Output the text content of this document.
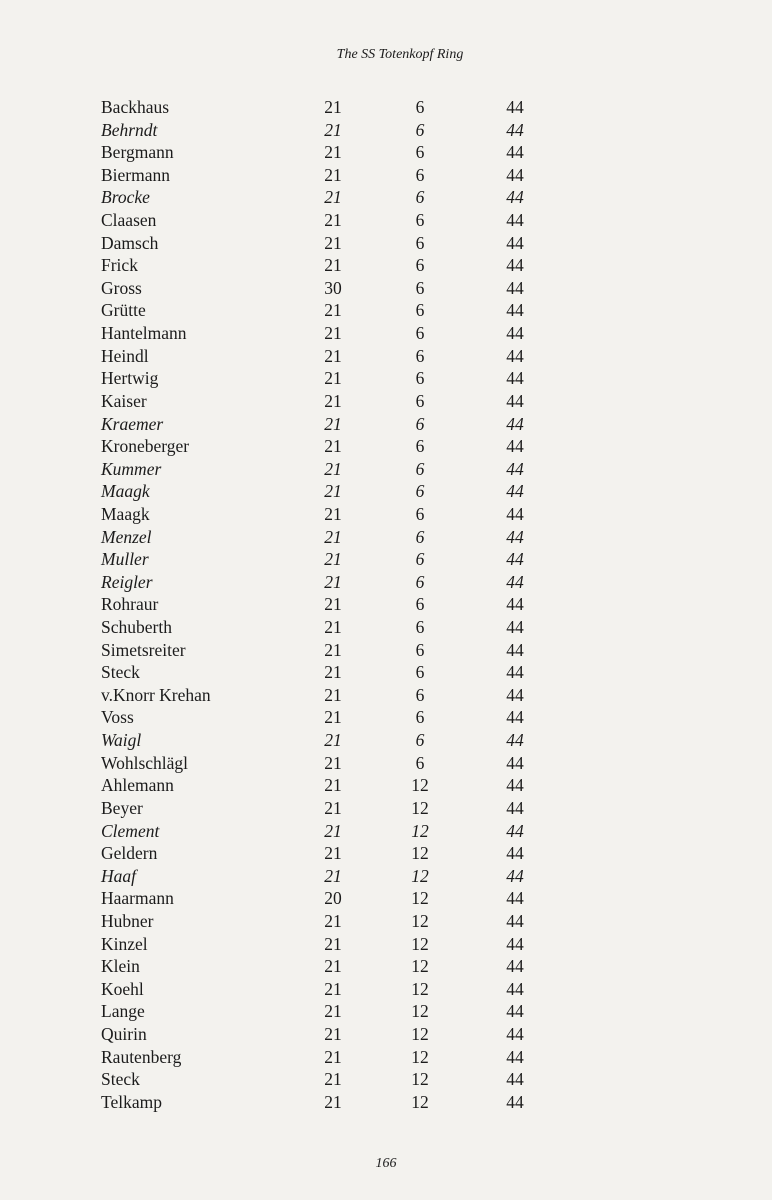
The SS Totenkopf Ring
Backhaus	21	6	44
Behrndt	21	6	44
Bergmann	21	6	44
Biermann	21	6	44
Brocke	21	6	44
Claasen	21	6	44
Damsch	21	6	44
Frick	21	6	44
Gross	30	6	44
Grütte	21	6	44
Hantelmann	21	6	44
Heindl	21	6	44
Hertwig	21	6	44
Kaiser	21	6	44
Kraemer	21	6	44
Kroneberger	21	6	44
Kummer	21	6	44
Maagk	21	6	44
Maagk	21	6	44
Menzel	21	6	44
Muller	21	6	44
Reigler	21	6	44
Rohraur	21	6	44
Schuberth	21	6	44
Simetsreiter	21	6	44
Steck	21	6	44
v.Knorr Krehan	21	6	44
Voss	21	6	44
Waigl	21	6	44
Wohlschlägl	21	6	44
Ahlemann	21	12	44
Beyer	21	12	44
Clement	21	12	44
Geldern	21	12	44
Haaf	21	12	44
Haarmann	20	12	44
Hubner	21	12	44
Kinzel	21	12	44
Klein	21	12	44
Koehl	21	12	44
Lange	21	12	44
Quirin	21	12	44
Rautenberg	21	12	44
Steck	21	12	44
Telkamp	21	12	44
166
